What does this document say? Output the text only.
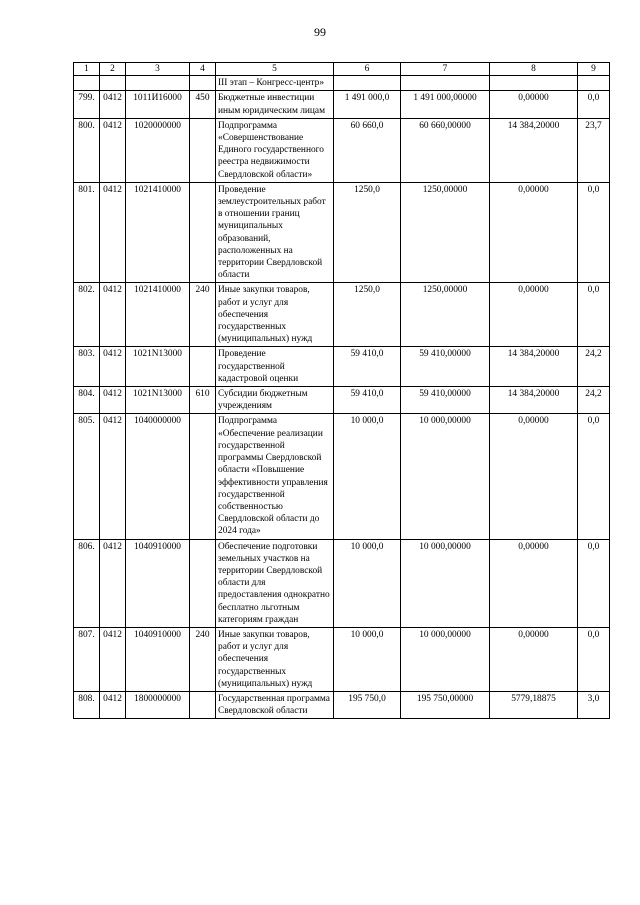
99
1	2	3	4	5	6	7	8	9
				III этап – Конгресс-центр»				
799.	0412	1011И16000	450	Бюджетные инвестиции иным юридическим лицам	1 491 000,0	1 491 000,00000	0,00000	0,0
800.	0412	1020000000		Подпрограмма «Совершенствование Единого государственного реестра недвижимости Свердловской области»	60 660,0	60 660,00000	14 384,20000	23,7
801.	0412	1021410000		Проведение землеустроительных работ в отношении границ муниципальных образований, расположенных на территории Свердловской области	1250,0	1250,00000	0,00000	0,0
802.	0412	1021410000	240	Иные закупки товаров, работ и услуг для обеспечения государственных (муниципальных) нужд	1250,0	1250,00000	0,00000	0,0
803.	0412	1021N13000		Проведение государственной кадастровой оценки	59 410,0	59 410,00000	14 384,20000	24,2
804.	0412	1021N13000	610	Субсидии бюджетным учреждениям	59 410,0	59 410,00000	14 384,20000	24,2
805.	0412	1040000000		Подпрограмма «Обеспечение реализации государственной программы Свердловской области «Повышение эффективности управления государственной собственностью Свердловской области до 2024 года»	10 000,0	10 000,00000	0,00000	0,0
806.	0412	1040910000		Обеспечение подготовки земельных участков на территории Свердловской области для предоставления однократно бесплатно льготным категориям граждан	10 000,0	10 000,00000	0,00000	0,0
807.	0412	1040910000	240	Иные закупки товаров, работ и услуг для обеспечения государственных (муниципальных) нужд	10 000,0	10 000,00000	0,00000	0,0
808.	0412	1800000000		Государственная программа Свердловской области	195 750,0	195 750,00000	5779,18875	3,0
